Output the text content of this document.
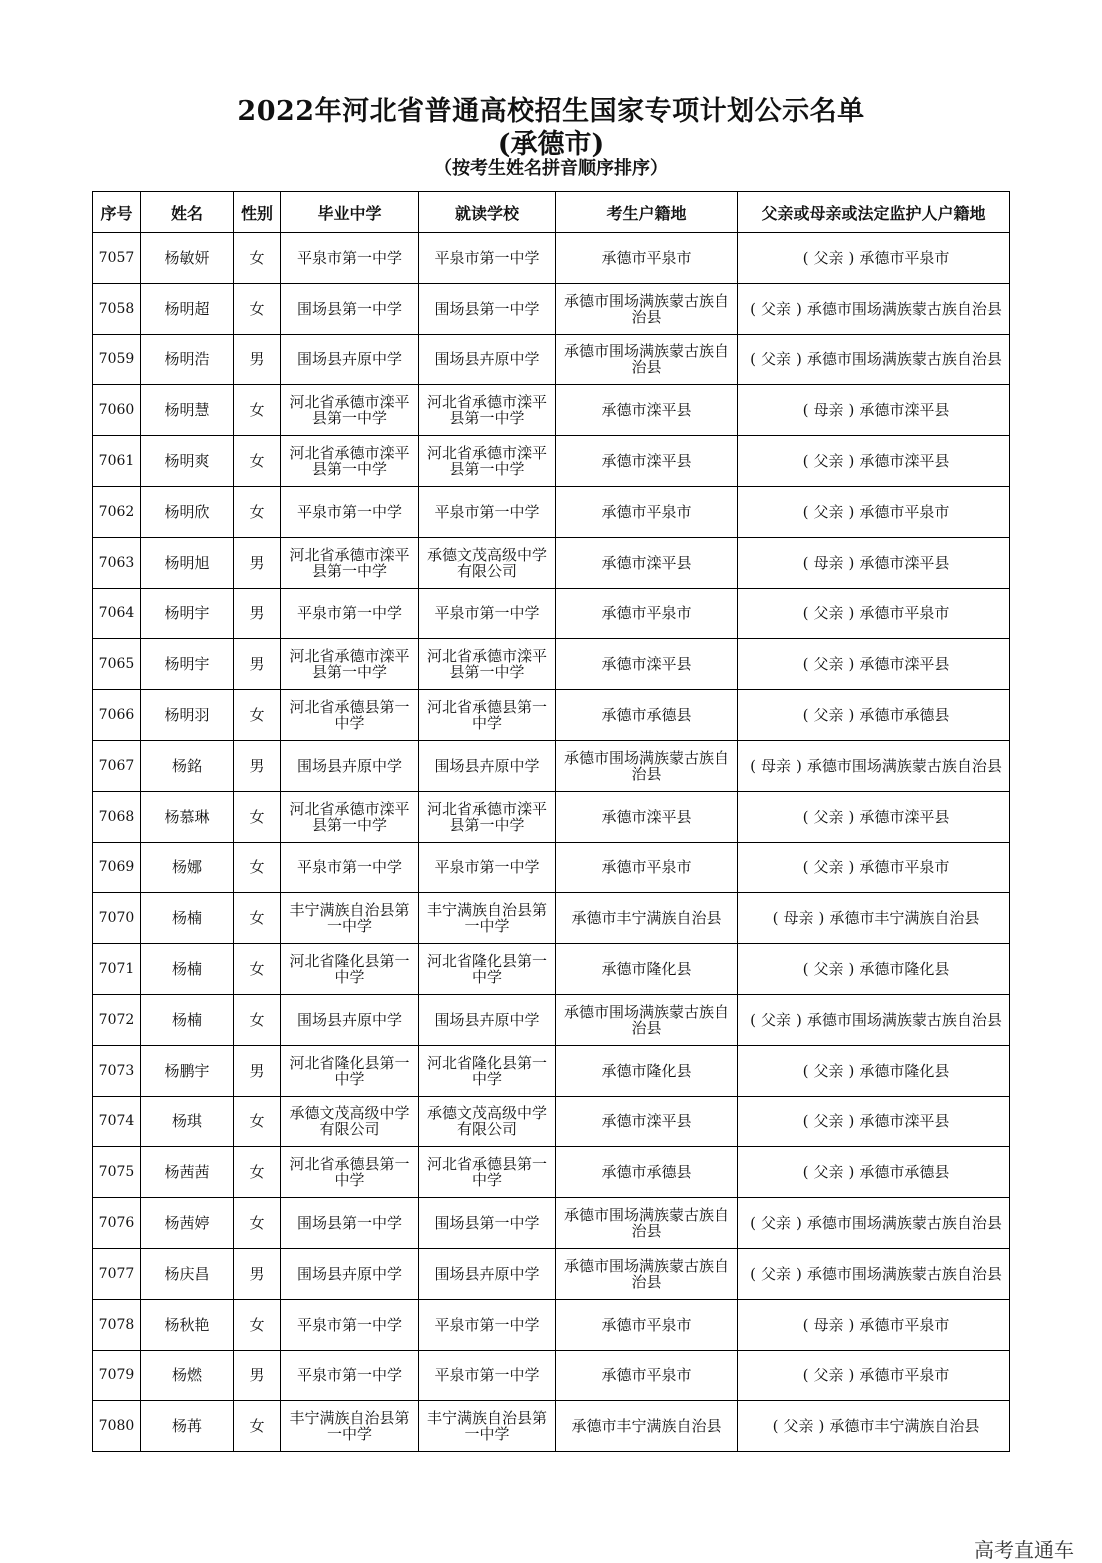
2022年河北省普通高校招生国家专项计划公示名单
(承德市)
（按考生姓名拼音顺序排序）
序号	姓名	性别	毕业中学	就读学校	考生户籍地	父亲或母亲或法定监护人户籍地
7057	杨敏妍	女	平泉市第一中学	平泉市第一中学	承德市平泉市	( 父亲 ) 承德市平泉市
7058	杨明超	女	围场县第一中学	围场县第一中学	承德市围场满族蒙古族自治县	( 父亲 ) 承德市围场满族蒙古族自治县
7059	杨明浩	男	围场县卉原中学	围场县卉原中学	承德市围场满族蒙古族自治县	( 父亲 ) 承德市围场满族蒙古族自治县
7060	杨明慧	女	河北省承德市滦平县第一中学	河北省承德市滦平县第一中学	承德市滦平县	( 母亲 ) 承德市滦平县
7061	杨明爽	女	河北省承德市滦平县第一中学	河北省承德市滦平县第一中学	承德市滦平县	( 父亲 ) 承德市滦平县
7062	杨明欣	女	平泉市第一中学	平泉市第一中学	承德市平泉市	( 父亲 ) 承德市平泉市
7063	杨明旭	男	河北省承德市滦平县第一中学	承德文茂高级中学有限公司	承德市滦平县	( 母亲 ) 承德市滦平县
7064	杨明宇	男	平泉市第一中学	平泉市第一中学	承德市平泉市	( 父亲 ) 承德市平泉市
7065	杨明宇	男	河北省承德市滦平县第一中学	河北省承德市滦平县第一中学	承德市滦平县	( 父亲 ) 承德市滦平县
7066	杨明羽	女	河北省承德县第一中学	河北省承德县第一中学	承德市承德县	( 父亲 ) 承德市承德县
7067	杨銘	男	围场县卉原中学	围场县卉原中学	承德市围场满族蒙古族自治县	( 母亲 ) 承德市围场满族蒙古族自治县
7068	杨慕琳	女	河北省承德市滦平县第一中学	河北省承德市滦平县第一中学	承德市滦平县	( 父亲 ) 承德市滦平县
7069	杨娜	女	平泉市第一中学	平泉市第一中学	承德市平泉市	( 父亲 ) 承德市平泉市
7070	杨楠	女	丰宁满族自治县第一中学	丰宁满族自治县第一中学	承德市丰宁满族自治县	( 母亲 ) 承德市丰宁满族自治县
7071	杨楠	女	河北省隆化县第一中学	河北省隆化县第一中学	承德市隆化县	( 父亲 ) 承德市隆化县
7072	杨楠	女	围场县卉原中学	围场县卉原中学	承德市围场满族蒙古族自治县	( 父亲 ) 承德市围场满族蒙古族自治县
7073	杨鹏宇	男	河北省隆化县第一中学	河北省隆化县第一中学	承德市隆化县	( 父亲 ) 承德市隆化县
7074	杨琪	女	承德文茂高级中学有限公司	承德文茂高级中学有限公司	承德市滦平县	( 父亲 ) 承德市滦平县
7075	杨茜茜	女	河北省承德县第一中学	河北省承德县第一中学	承德市承德县	( 父亲 ) 承德市承德县
7076	杨茜婷	女	围场县第一中学	围场县第一中学	承德市围场满族蒙古族自治县	( 父亲 ) 承德市围场满族蒙古族自治县
7077	杨庆昌	男	围场县卉原中学	围场县卉原中学	承德市围场满族蒙古族自治县	( 父亲 ) 承德市围场满族蒙古族自治县
7078	杨秋艳	女	平泉市第一中学	平泉市第一中学	承德市平泉市	( 母亲 ) 承德市平泉市
7079	杨燃	男	平泉市第一中学	平泉市第一中学	承德市平泉市	( 父亲 ) 承德市平泉市
7080	杨苒	女	丰宁满族自治县第一中学	丰宁满族自治县第一中学	承德市丰宁满族自治县	( 父亲 ) 承德市丰宁满族自治县
高考直通车
